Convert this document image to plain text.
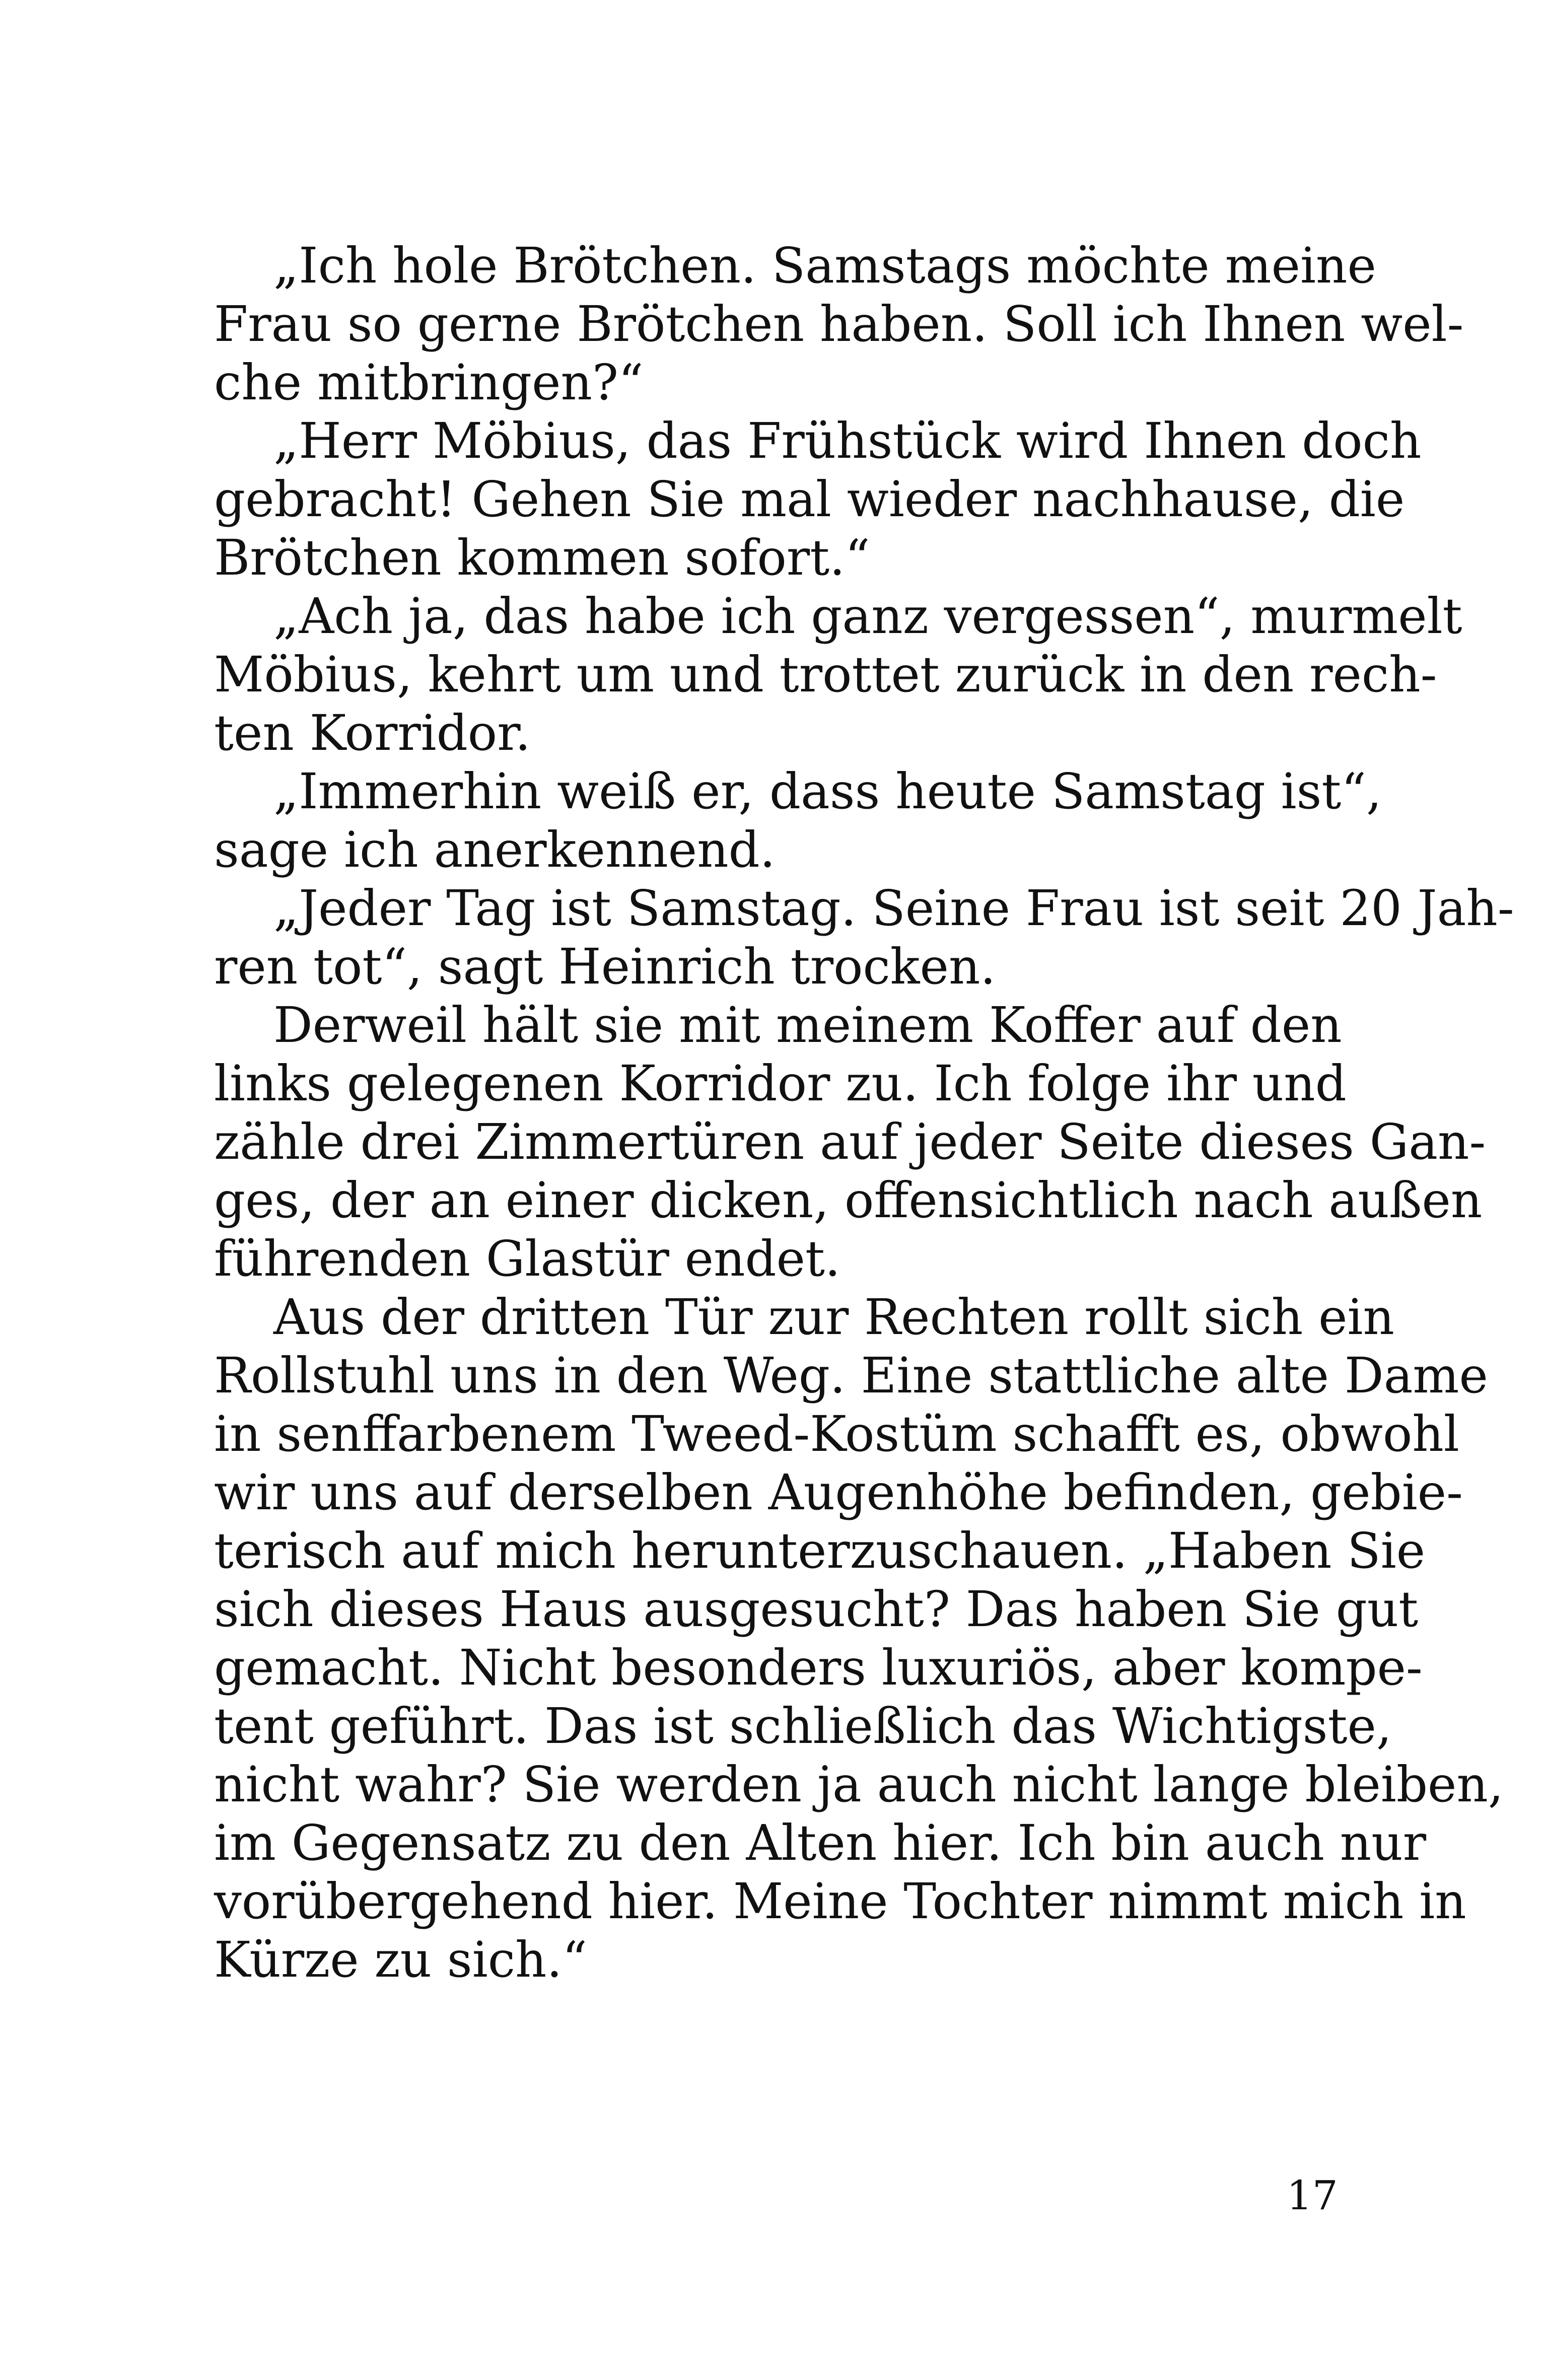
„Ich hole Brötchen. Samstags möchte meine
Frau so gerne Brötchen haben. Soll ich Ihnen wel-
che mitbringen?“
„Herr Möbius, das Frühstück wird Ihnen doch
gebracht! Gehen Sie mal wieder nachhause, die
Brötchen kommen sofort.“
„Ach ja, das habe ich ganz vergessen“, murmelt
Möbius, kehrt um und trottet zurück in den rech-
ten Korridor.
„Immerhin weiß er, dass heute Samstag ist“,
sage ich anerkennend.
„Jeder Tag ist Samstag. Seine Frau ist seit 20 Jah-
ren tot“, sagt Heinrich trocken.
Derweil hält sie mit meinem Koffer auf den
links gelegenen Korridor zu. Ich folge ihr und
zähle drei Zimmertüren auf jeder Seite dieses Gan-
ges, der an einer dicken, offensichtlich nach außen
führenden Glastür endet.
Aus der dritten Tür zur Rechten rollt sich ein
Rollstuhl uns in den Weg. Eine stattliche alte Dame
in senffarbenem Tweed-Kostüm schafft es, obwohl
wir uns auf derselben Augenhöhe befinden, gebie-
terisch auf mich herunterzuschauen. „Haben Sie
sich dieses Haus ausgesucht? Das haben Sie gut
gemacht. Nicht besonders luxuriös, aber kompe-
tent geführt. Das ist schließlich das Wichtigste,
nicht wahr? Sie werden ja auch nicht lange bleiben,
im Gegensatz zu den Alten hier. Ich bin auch nur
vorübergehend hier. Meine Tochter nimmt mich in
Kürze zu sich.“
17
